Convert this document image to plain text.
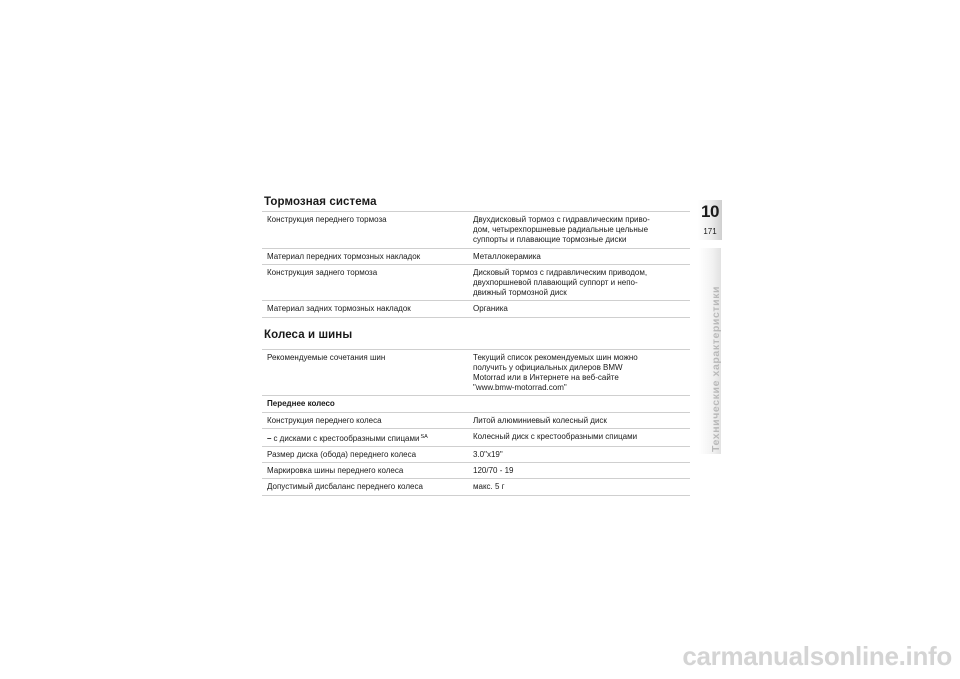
Тормозная система
Конструкция переднего тормоза	Двухдисковый тормоз с гидравлическим приво-
дом, четырехпоршневые радиальные цельные
суппорты и плавающие тормозные диски
Материал передних тормозных накладок	Металлокерамика
Конструкция заднего тормоза	Дисковый тормоз с гидравлическим приводом,
двухпоршневой плавающий суппорт и непо-
движный тормозной диск
Материал задних тормозных накладок	Органика
Колеса и шины
Рекомендуемые сочетания шин	Текущий список рекомендуемых шин можно
получить у официальных дилеров BMW
Motorrad или в Интернете на веб-сайте
"www.bmw-motorrad.com"
Переднее колесо
Конструкция переднего колеса	Литой алюминиевый колесный диск
– с дисками с крестообразными спицами$^{SA}$	Колесный диск с крестообразными спицами
Размер диска (обода) переднего колеса	3.0"x19"
Маркировка шины переднего колеса	120/70 - 19
Допустимый дисбаланс переднего колеса	макс. 5 г
10
171
Технические характеристики
carmanualsonline.info
